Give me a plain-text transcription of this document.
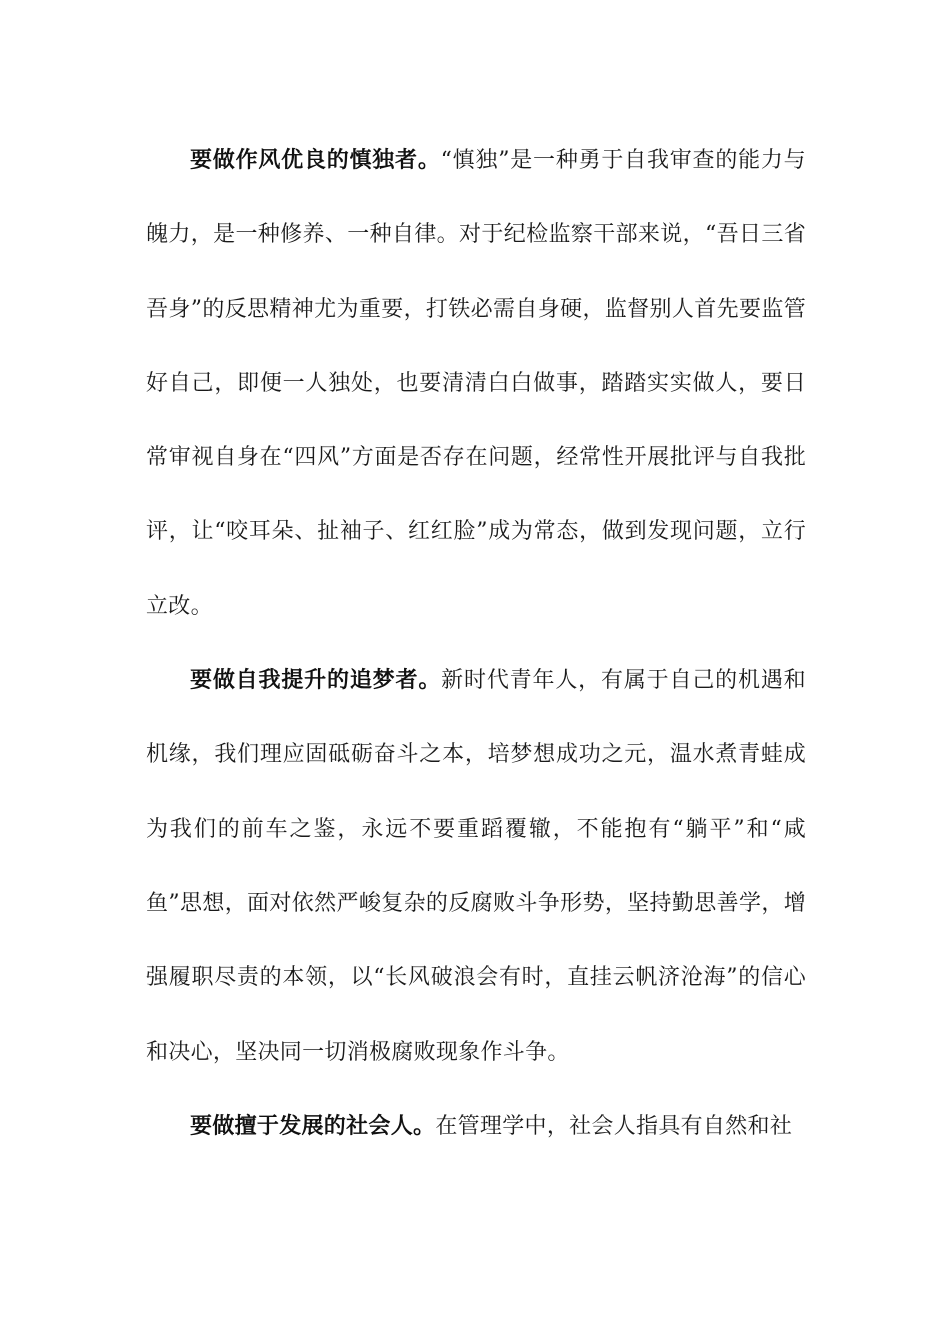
要做作风优良的慎独者。“慎独”是一种勇于自我审查的能力与魄力，是一种修养、一种自律。对于纪检监察干部来说，“吾日三省吾身”的反思精神尤为重要，打铁必需自身硬，监督别人首先要监管好自己，即便一人独处，也要清清白白做事，踏踏实实做人，要日常审视自身在“四风”方面是否存在问题，经常性开展批评与自我批评，让“咬耳朵、扯袖子、红红脸”成为常态，做到发现问题，立行立改。

要做自我提升的追梦者。新时代青年人，有属于自己的机遇和机缘，我们理应固砥砺奋斗之本，培梦想成功之元，温水煮青蛙成为我们的前车之鉴，永远不要重蹈覆辙，不能抱有“躺平”和“咸鱼”思想，面对依然严峻复杂的反腐败斗争形势，坚持勤思善学，增强履职尽责的本领，以“长风破浪会有时，直挂云帆济沧海”的信心和决心，坚决同一切消极腐败现象作斗争。

要做擅于发展的社会人。在管理学中，社会人指具有自然和社
